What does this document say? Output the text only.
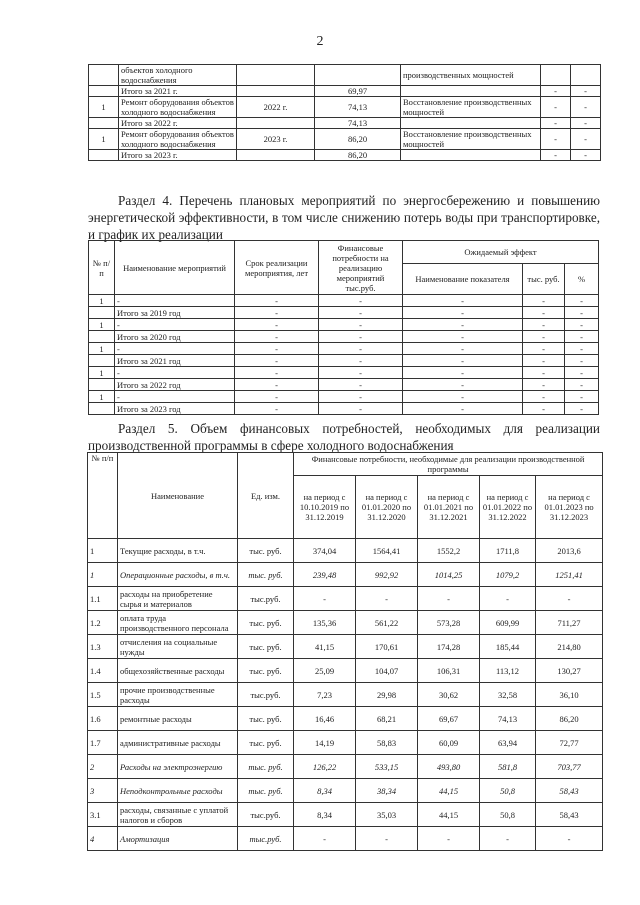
2
	объектов холодного водоснабжения			производственных мощностей		
	Итого за 2021 г.		69,97		-	-
1	Ремонт оборудования объектов холодного водоснабжения	2022 г.	74,13	Восстановление производственных мощностей	-	-
	Итого за 2022 г.		74,13		-	-
1	Ремонт оборудования объектов холодного водоснабжения	2023 г.	86,20	Восстановление производственных мощностей	-	-
	Итого за 2023 г.		86,20		-	-
Раздел 4. Перечень плановых мероприятий по энергосбережению и повышению энергетической эффективности, в том числе снижению потерь воды при транспортировке, и график их реализации
№ п/п	Наименование мероприятий	Срок реализации мероприятия, лет	Финансовые потребности на реализацию мероприятий тыс.руб.	Ожидаемый эффект		
				Наименование показателя	тыс. руб.	%
1	-	-	-	-	-	-
	Итого за 2019 год	-	-	-	-	-
1	-	-	-	-	-	-
	Итого за 2020 год	-	-	-	-	-
1	-	-	-	-	-	-
	Итого за 2021 год	-	-	-	-	-
1	-	-	-	-	-	-
	Итого за 2022 год	-	-	-	-	-
1	-	-	-	-	-	-
	Итого за 2023 год	-	-	-	-	-
Раздел 5. Объем финансовых потребностей, необходимых для реализации производственной программы в сфере холодного водоснабжения
№ п/п	Наименование	Ед. изм.	Финансовые потребности, необходимые для реализации производственной программы				
			на период с 10.10.2019 по 31.12.2019	на период с 01.01.2020 по 31.12.2020	на период с 01.01.2021 по 31.12.2021	на период с 01.01.2022 по 31.12.2022	на период с 01.01.2023 по 31.12.2023
1	Текущие расходы, в т.ч.	тыс. руб.	374,04	1564,41	1552,2	1711,8	2013,6
1	Операционные расходы, в т.ч.	тыс. руб.	239,48	992,92	1014,25	1079,2	1251,41
1.1	расходы на приобретение сырья и материалов	тыс.руб.	-	-	-	-	-
1.2	оплата труда производственного персонала	тыс. руб.	135,36	561,22	573,28	609,99	711,27
1.3	отчисления на социальные нужды	тыс. руб.	41,15	170,61	174,28	185,44	214,80
1.4	общехозяйственные расходы	тыс. руб.	25,09	104,07	106,31	113,12	130,27
1.5	прочие производственные расходы	тыс.руб.	7,23	29,98	30,62	32,58	36,10
1.6	ремонтные расходы	тыс. руб.	16,46	68,21	69,67	74,13	86,20
1.7	административные расходы	тыс. руб.	14,19	58,83	60,09	63,94	72,77
2	Расходы на электроэнергию	тыс. руб.	126,22	533,15	493,80	581,8	703,77
3	Неподконтрольные расходы	тыс. руб.	8,34	38,34	44,15	50,8	58,43
3.1	расходы, связанные с уплатой налогов и сборов	тыс.руб.	8,34	35,03	44,15	50,8	58,43
4	Амортизация	тыс.руб.	-	-	-	-	-
